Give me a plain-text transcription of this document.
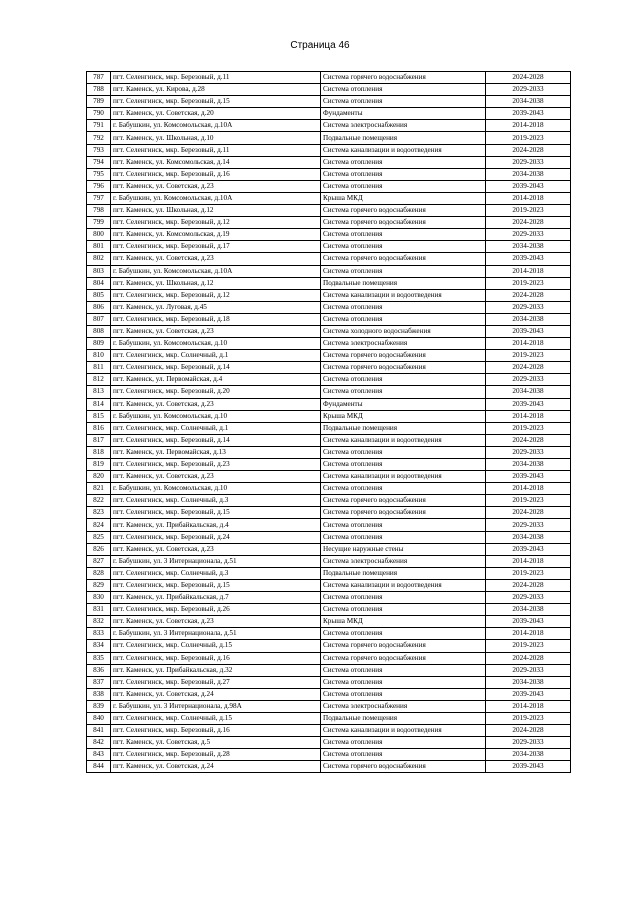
Страница 46
787	пгт. Селенгинск, мкр. Березовый, д.11	Система горячего водоснабжения	2024-2028
788	пгт. Каменск, ул. Кирова, д.28	Система отопления	2029-2033
789	пгт. Селенгинск, мкр. Березовый, д.15	Система отопления	2034-2038
790	пгт. Каменск, ул. Советская, д.20	Фундаменты	2039-2043
791	г. Бабушкин, ул. Комсомольская, д.10А	Система электроснабжения	2014-2018
792	пгт. Каменск, ул. Школьная, д.10	Подвальные помещения	2019-2023
793	пгт. Селенгинск, мкр. Березовый, д.11	Система канализации и водоотведения	2024-2028
794	пгт. Каменск, ул. Комсомольская, д.14	Система отопления	2029-2033
795	пгт. Селенгинск, мкр. Березовый, д.16	Система отопления	2034-2038
796	пгт. Каменск, ул. Советская, д.23	Система отопления	2039-2043
797	г. Бабушкин, ул. Комсомольская, д.10А	Крыша МКД	2014-2018
798	пгт. Каменск, ул. Школьная, д.12	Система горячего водоснабжения	2019-2023
799	пгт. Селенгинск, мкр. Березовый, д.12	Система горячего водоснабжения	2024-2028
800	пгт. Каменск, ул. Комсомольская, д.19	Система отопления	2029-2033
801	пгт. Селенгинск, мкр. Березовый, д.17	Система отопления	2034-2038
802	пгт. Каменск, ул. Советская, д.23	Система горячего водоснабжения	2039-2043
803	г. Бабушкин, ул. Комсомольская, д.10А	Система отопления	2014-2018
804	пгт. Каменск, ул. Школьная, д.12	Подвальные помещения	2019-2023
805	пгт. Селенгинск, мкр. Березовый, д.12	Система канализации и водоотведения	2024-2028
806	пгт. Каменск, ул. Луговая, д.45	Система отопления	2029-2033
807	пгт. Селенгинск, мкр. Березовый, д.18	Система отопления	2034-2038
808	пгт. Каменск, ул. Советская, д.23	Система холодного водоснабжения	2039-2043
809	г. Бабушкин, ул. Комсомольская, д.10	Система электроснабжения	2014-2018
810	пгт. Селенгинск, мкр. Солнечный, д.1	Система горячего водоснабжения	2019-2023
811	пгт. Селенгинск, мкр. Березовый, д.14	Система горячего водоснабжения	2024-2028
812	пгт. Каменск, ул. Первомайская, д.4	Система отопления	2029-2033
813	пгт. Селенгинск, мкр. Березовый, д.20	Система отопления	2034-2038
814	пгт. Каменск, ул. Советская, д.23	Фундаменты	2039-2043
815	г. Бабушкин, ул. Комсомольская, д.10	Крыша МКД	2014-2018
816	пгт. Селенгинск, мкр. Солнечный, д.1	Подвальные помещения	2019-2023
817	пгт. Селенгинск, мкр. Березовый, д.14	Система канализации и водоотведения	2024-2028
818	пгт. Каменск, ул. Первомайская, д.13	Система отопления	2029-2033
819	пгт. Селенгинск, мкр. Березовый, д.23	Система отопления	2034-2038
820	пгт. Каменск, ул. Советская, д.23	Система канализации и водоотведения	2039-2043
821	г. Бабушкин, ул. Комсомольская, д.10	Система отопления	2014-2018
822	пгт. Селенгинск, мкр. Солнечный, д.3	Система горячего водоснабжения	2019-2023
823	пгт. Селенгинск, мкр. Березовый, д.15	Система горячего водоснабжения	2024-2028
824	пгт. Каменск, ул. Прибайкальская, д.4	Система отопления	2029-2033
825	пгт. Селенгинск, мкр. Березовый, д.24	Система отопления	2034-2038
826	пгт. Каменск, ул. Советская, д.23	Несущие наружные стены	2039-2043
827	г. Бабушкин, ул. 3 Интернационала, д.51	Система электроснабжения	2014-2018
828	пгт. Селенгинск, мкр. Солнечный, д.3	Подвальные помещения	2019-2023
829	пгт. Селенгинск, мкр. Березовый, д.15	Система канализации и водоотведения	2024-2028
830	пгт. Каменск, ул. Прибайкальская, д.7	Система отопления	2029-2033
831	пгт. Селенгинск, мкр. Березовый, д.26	Система отопления	2034-2038
832	пгт. Каменск, ул. Советская, д.23	Крыша МКД	2039-2043
833	г. Бабушкин, ул. 3 Интернационала, д.51	Система отопления	2014-2018
834	пгт. Селенгинск, мкр. Солнечный, д.15	Система горячего водоснабжения	2019-2023
835	пгт. Селенгинск, мкр. Березовый, д.16	Система горячего водоснабжения	2024-2028
836	пгт. Каменск, ул. Прибайкальская, д.32	Система отопления	2029-2033
837	пгт. Селенгинск, мкр. Березовый, д.27	Система отопления	2034-2038
838	пгт. Каменск, ул. Советская, д.24	Система отопления	2039-2043
839	г. Бабушкин, ул. 3 Интернационала, д.98А	Система электроснабжения	2014-2018
840	пгт. Селенгинск, мкр. Солнечный, д.15	Подвальные помещения	2019-2023
841	пгт. Селенгинск, мкр. Березовый, д.16	Система канализации и водоотведения	2024-2028
842	пгт. Каменск, ул. Советская, д.5	Система отопления	2029-2033
843	пгт. Селенгинск, мкр. Березовый, д.28	Система отопления	2034-2038
844	пгт. Каменск, ул. Советская, д.24	Система горячего водоснабжения	2039-2043
